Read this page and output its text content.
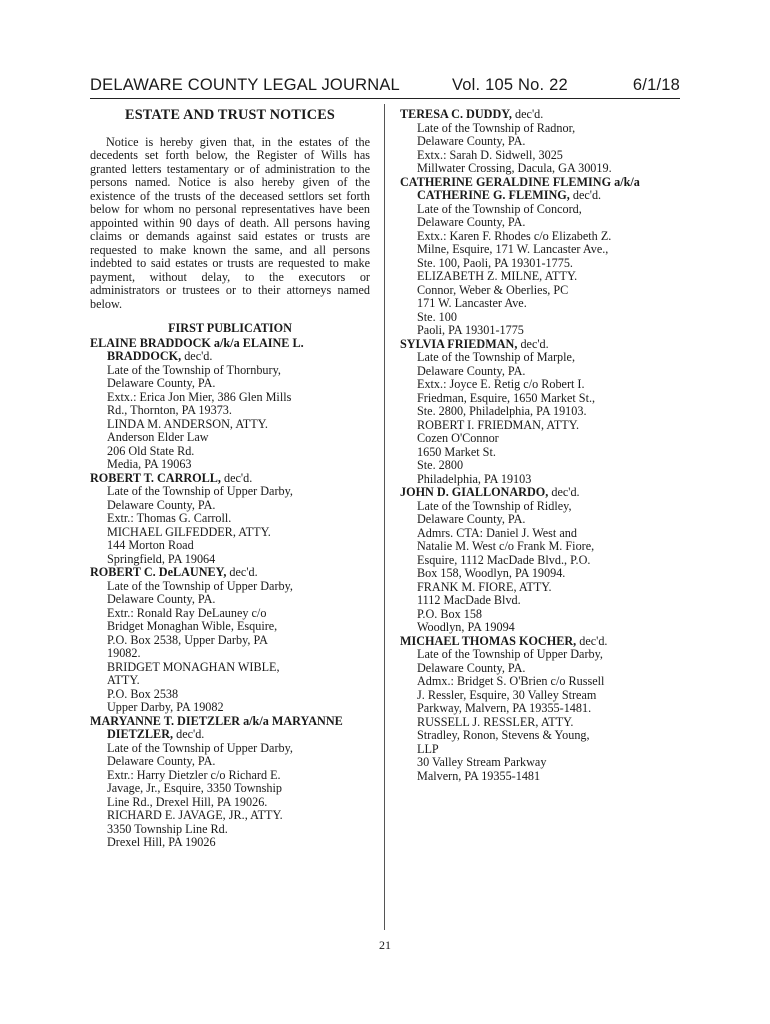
DELAWARE COUNTY LEGAL JOURNAL	Vol. 105 No. 22	6/1/18
ESTATE AND TRUST NOTICES

Notice is hereby given that, in the estates of the decedents set forth below, the Register of Wills has granted letters testamentary or of administration to the persons named. Notice is also hereby given of the existence of the trusts of the deceased settlors set forth below for whom no personal representatives have been appointed within 90 days of death. All persons having claims or demands against said estates or trusts are requested to make known the same, and all persons indebted to said estates or trusts are requested to make payment, without delay, to the executors or administrators or trustees or to their attorneys named below.

FIRST PUBLICATION
ELAINE BRADDOCK a/k/a ELAINE L. BRADDOCK, dec'd.
Late of the Township of Thornbury,
Delaware County, PA.
Extx.: Erica Jon Mier, 386 Glen Mills
Rd., Thornton, PA 19373.
LINDA M. ANDERSON, ATTY.
Anderson Elder Law
206 Old State Rd.
Media, PA 19063
ROBERT T. CARROLL, dec'd.
Late of the Township of Upper Darby,
Delaware County, PA.
Extr.: Thomas G. Carroll.
MICHAEL GILFEDDER, ATTY.
144 Morton Road
Springfield, PA 19064
ROBERT C. DeLAUNEY, dec'd.
Late of the Township of Upper Darby,
Delaware County, PA.
Extr.: Ronald Ray DeLauney c/o
Bridget Monaghan Wible, Esquire,
P.O. Box 2538, Upper Darby, PA
19082.
BRIDGET MONAGHAN WIBLE,
ATTY.
P.O. Box 2538
Upper Darby, PA 19082
MARYANNE T. DIETZLER a/k/a MARYANNE DIETZLER, dec'd.
Late of the Township of Upper Darby,
Delaware County, PA.
Extr.: Harry Dietzler c/o Richard E.
Javage, Jr., Esquire, 3350 Township
Line Rd., Drexel Hill, PA 19026.
RICHARD E. JAVAGE, JR., ATTY.
3350 Township Line Rd.
Drexel Hill, PA 19026
TERESA C. DUDDY, dec'd.
Late of the Township of Radnor,
Delaware County, PA.
Extx.: Sarah D. Sidwell, 3025
Millwater Crossing, Dacula, GA 30019.
CATHERINE GERALDINE FLEMING a/k/a CATHERINE G. FLEMING, dec'd.
Late of the Township of Concord,
Delaware County, PA.
Extx.: Karen F. Rhodes c/o Elizabeth Z.
Milne, Esquire, 171 W. Lancaster Ave.,
Ste. 100, Paoli, PA 19301-1775.
ELIZABETH Z. MILNE, ATTY.
Connor, Weber & Oberlies, PC
171 W. Lancaster Ave.
Ste. 100
Paoli, PA 19301-1775
SYLVIA FRIEDMAN, dec'd.
Late of the Township of Marple,
Delaware County, PA.
Extx.: Joyce E. Retig c/o Robert I.
Friedman, Esquire, 1650 Market St.,
Ste. 2800, Philadelphia, PA 19103.
ROBERT I. FRIEDMAN, ATTY.
Cozen O'Connor
1650 Market St.
Ste. 2800
Philadelphia, PA 19103
JOHN D. GIALLONARDO, dec'd.
Late of the Township of Ridley,
Delaware County, PA.
Admrs. CTA: Daniel J. West and
Natalie M. West c/o Frank M. Fiore,
Esquire, 1112 MacDade Blvd., P.O.
Box 158, Woodlyn, PA 19094.
FRANK M. FIORE, ATTY.
1112 MacDade Blvd.
P.O. Box 158
Woodlyn, PA 19094
MICHAEL THOMAS KOCHER, dec'd.
Late of the Township of Upper Darby,
Delaware County, PA.
Admx.: Bridget S. O'Brien c/o Russell
J. Ressler, Esquire, 30 Valley Stream
Parkway, Malvern, PA 19355-1481.
RUSSELL J. RESSLER, ATTY.
Stradley, Ronon, Stevens & Young,
LLP
30 Valley Stream Parkway
Malvern, PA 19355-1481
21
